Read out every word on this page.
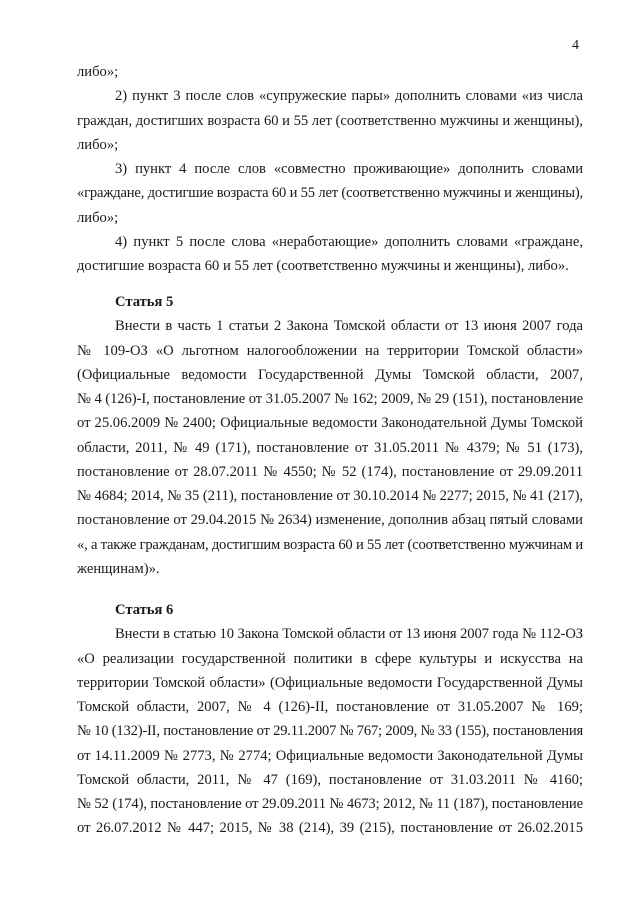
4
либо»;
2) пункт 3 после слов «супружеские пары» дополнить словами «из числа
граждан, достигших возраста 60 и 55 лет (соответственно мужчины и женщины),
либо»;
3) пункт 4 после слов «совместно проживающие» дополнить словами
«граждане, достигшие возраста 60 и 55 лет (соответственно мужчины и женщины),
либо»;
4) пункт 5 после слова «неработающие» дополнить словами «граждане,
достигшие возраста 60 и 55 лет (соответственно мужчины и женщины), либо».
Статья 5
Внести в часть 1 статьи 2 Закона Томской области от 13 июня 2007 года
№ 109-ОЗ «О льготном налогообложении на территории Томской области»
(Официальные ведомости Государственной Думы Томской области, 2007,
№ 4 (126)-I, постановление от 31.05.2007 № 162; 2009, № 29 (151), постановление
от 25.06.2009 № 2400; Официальные ведомости Законодательной Думы Томской
области, 2011, № 49 (171), постановление от 31.05.2011 № 4379; № 51 (173),
постановление от 28.07.2011 № 4550; № 52 (174), постановление от 29.09.2011
№ 4684; 2014, № 35 (211), постановление от 30.10.2014 № 2277; 2015, № 41 (217),
постановление от 29.04.2015 № 2634) изменение, дополнив абзац пятый словами
«, а также гражданам, достигшим возраста 60 и 55 лет (соответственно мужчинам и
женщинам)».
Статья 6
Внести в статью 10 Закона Томской области от 13 июня 2007 года № 112-ОЗ
«О реализации государственной политики в сфере культуры и искусства на
территории Томской области» (Официальные ведомости Государственной Думы
Томской области, 2007, № 4 (126)-II, постановление от 31.05.2007 № 169;
№ 10 (132)-II, постановление от 29.11.2007 № 767; 2009, № 33 (155), постановления
от 14.11.2009 № 2773, № 2774; Официальные ведомости Законодательной Думы
Томской области, 2011, № 47 (169), постановление от 31.03.2011 № 4160;
№ 52 (174), постановление от 29.09.2011 № 4673; 2012, № 11 (187), постановление
от 26.07.2012 № 447; 2015, № 38 (214), 39 (215), постановление от 26.02.2015
